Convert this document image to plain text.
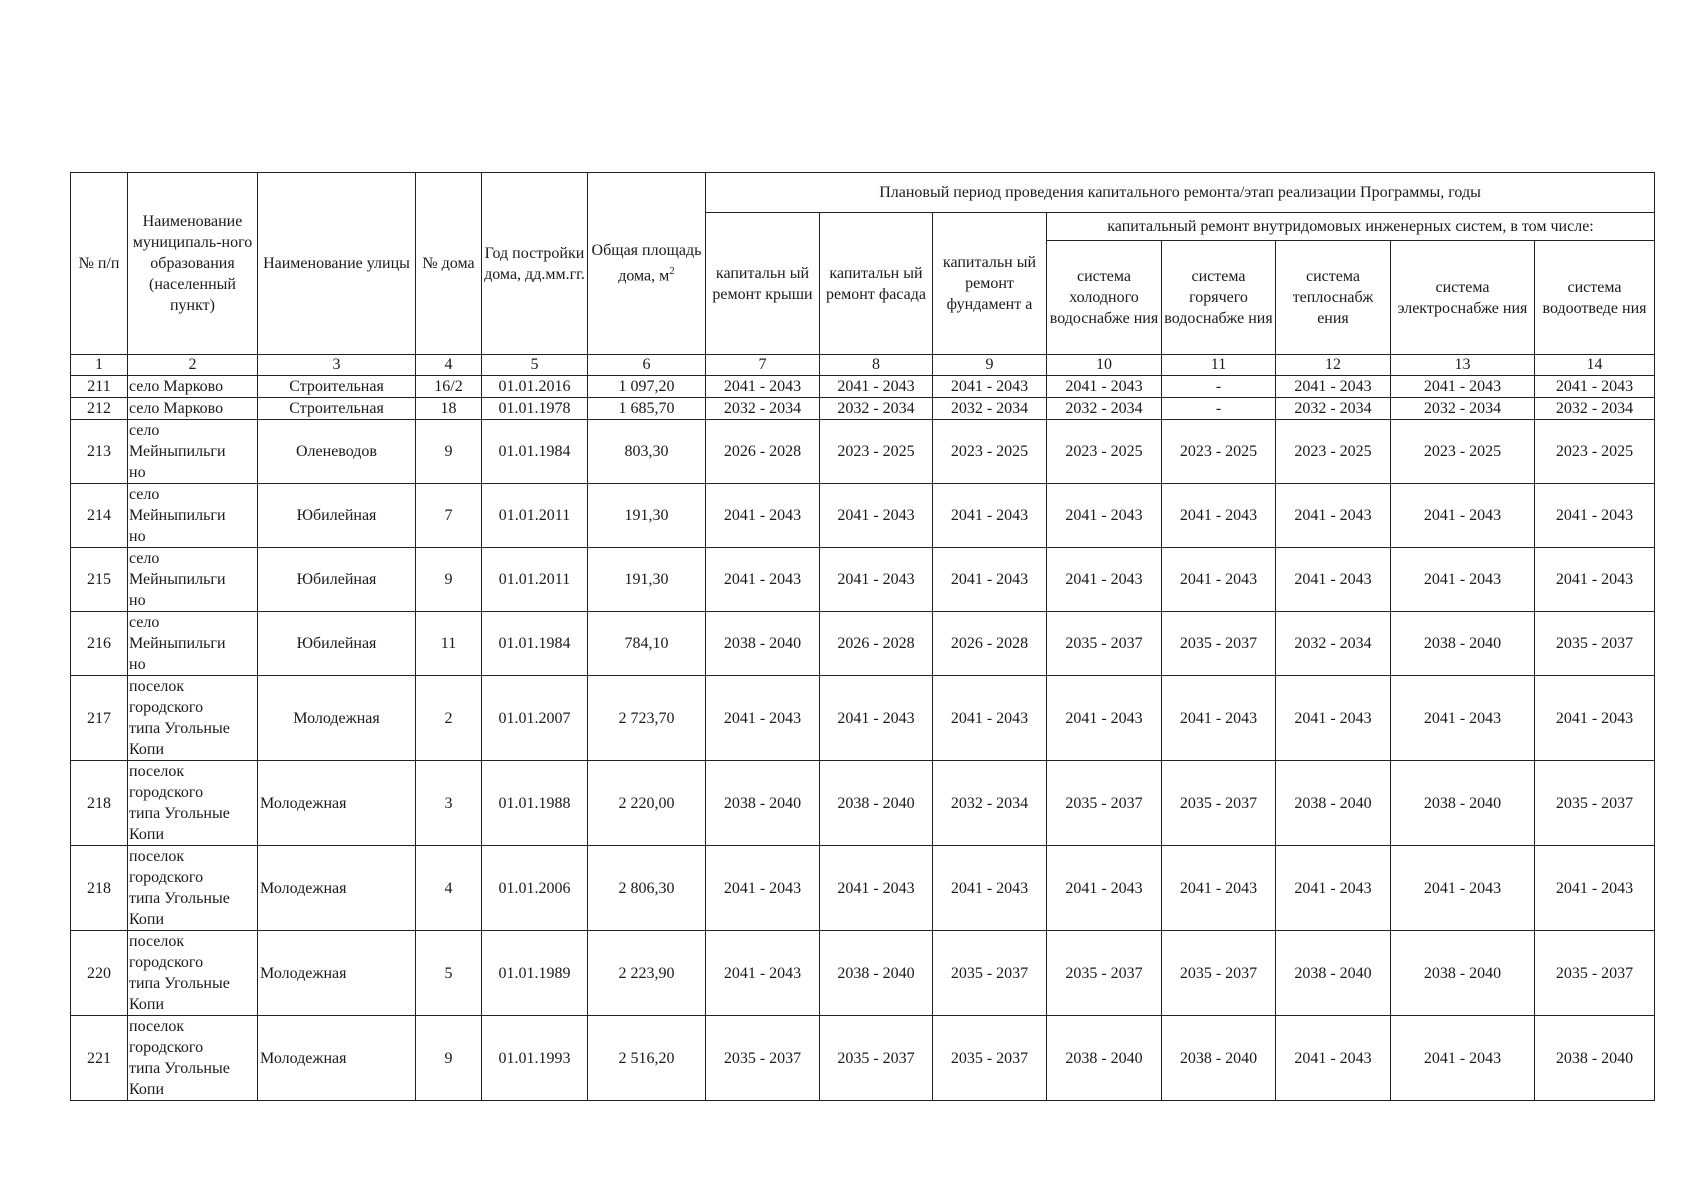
№ п/п	Наименование муниципаль-ного образования (населенный пункт)	Наименование улицы	№ дома	Год постройки дома, дд.мм.гг.	Общая площадь дома, $м^2$	Плановый период проведения капитального ремонта/этап реализации Программы, годы							
						капитальн ый ремонт крыши	капитальн ый ремонт фасада	капитальн ый ремонт фундамент а	капитальный ремонт внутридомовых инженерных систем, в том числе:				
									система холодного водоснабже ния	система горячего водоснабже ния	система теплоснабж ения	система электроснабже ния	система водоотведе ния
1	2	3	4	5	6	7	8	9	10	11	12	13	14
211	село Марково	Строительная	16/2	01.01.2016	1 097,20	2041 - 2043	2041 - 2043	2041 - 2043	2041 - 2043	-	2041 - 2043	2041 - 2043	2041 - 2043
212	село Марково	Строительная	18	01.01.1978	1 685,70	2032 - 2034	2032 - 2034	2032 - 2034	2032 - 2034	-	2032 - 2034	2032 - 2034	2032 - 2034
213	село
Мейныпильги
но	Оленеводов	9	01.01.1984	803,30	2026 - 2028	2023 - 2025	2023 - 2025	2023 - 2025	2023 - 2025	2023 - 2025	2023 - 2025	2023 - 2025
214	село
Мейныпильги
но	Юбилейная	7	01.01.2011	191,30	2041 - 2043	2041 - 2043	2041 - 2043	2041 - 2043	2041 - 2043	2041 - 2043	2041 - 2043	2041 - 2043
215	село
Мейныпильги
но	Юбилейная	9	01.01.2011	191,30	2041 - 2043	2041 - 2043	2041 - 2043	2041 - 2043	2041 - 2043	2041 - 2043	2041 - 2043	2041 - 2043
216	село
Мейныпильги
но	Юбилейная	11	01.01.1984	784,10	2038 - 2040	2026 - 2028	2026 - 2028	2035 - 2037	2035 - 2037	2032 - 2034	2038 - 2040	2035 - 2037
217	поселок
городского
типа Угольные
Копи	Молодежная	2	01.01.2007	2 723,70	2041 - 2043	2041 - 2043	2041 - 2043	2041 - 2043	2041 - 2043	2041 - 2043	2041 - 2043	2041 - 2043
218	поселок
городского
типа Угольные
Копи	Молодежная	3	01.01.1988	2 220,00	2038 - 2040	2038 - 2040	2032 - 2034	2035 - 2037	2035 - 2037	2038 - 2040	2038 - 2040	2035 - 2037
218	поселок
городского
типа Угольные
Копи	Молодежная	4	01.01.2006	2 806,30	2041 - 2043	2041 - 2043	2041 - 2043	2041 - 2043	2041 - 2043	2041 - 2043	2041 - 2043	2041 - 2043
220	поселок
городского
типа Угольные
Копи	Молодежная	5	01.01.1989	2 223,90	2041 - 2043	2038 - 2040	2035 - 2037	2035 - 2037	2035 - 2037	2038 - 2040	2038 - 2040	2035 - 2037
221	поселок
городского
типа Угольные
Копи	Молодежная	9	01.01.1993	2 516,20	2035 - 2037	2035 - 2037	2035 - 2037	2038 - 2040	2038 - 2040	2041 - 2043	2041 - 2043	2038 - 2040
